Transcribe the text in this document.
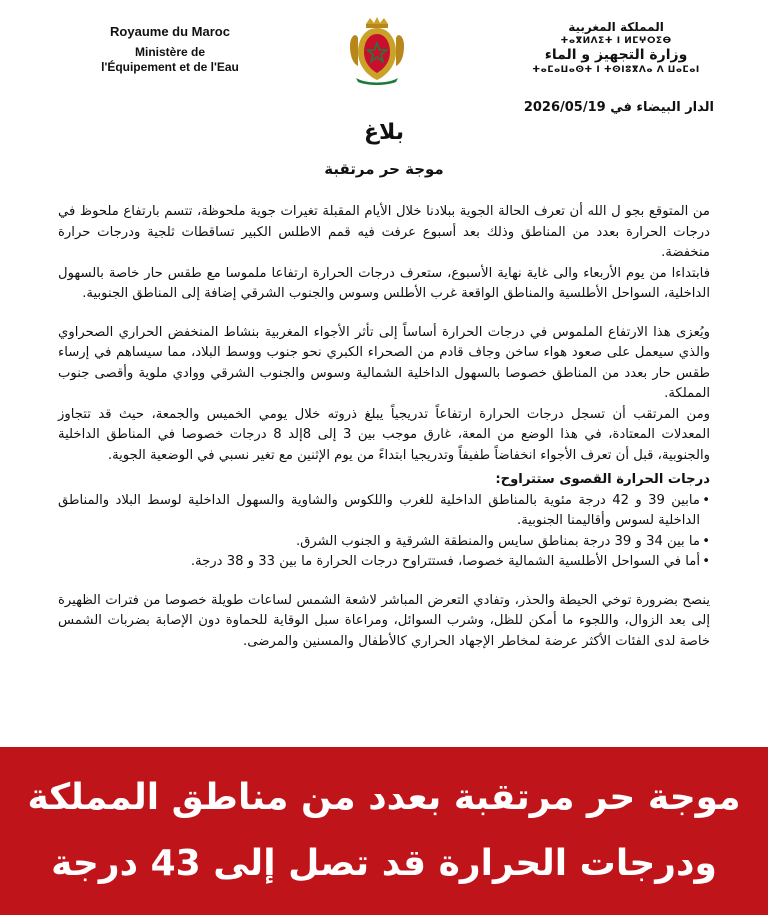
Royaume du Maroc
Ministère de
l'Équipement et de l'Eau
المملكة المغربية
ⵜⴰⴳⵍⴷⵉⵜ ⵏ ⵍⵎⵖⵔⵉⴱ
وزارة التجهيز و الماء
ⵜⴰⵎⴰⵡⴰⵙⵜ ⵏ ⵜⵙⵏⵓⴳⴷⴰ ⴷ ⵡⴰⵎⴰⵏ
الدار البيضاء في 2026/05/19
بلاغ
موجة حر مرتقبة

من المتوقع بجو ل الله أن تعرف الحالة الجوية ببلادنا خلال الأيام المقبلة تغيرات جوية ملحوظة، تتسم بارتفاع ملحوظ في درجات الحرارة بعدد من المناطق وذلك بعد أسبوع عرفت فيه قمم الاطلس الكبير تساقطات ثلجية ودرجات حرارة منخفضة.

فابتداءا من يوم الأربعاء والى غاية نهاية الأسبوع، ستعرف درجات الحرارة ارتفاعا ملموسا مع طقس حار خاصة بالسهول الداخلية، السواحل الأطلسية والمناطق الواقعة غرب الأطلس وسوس والجنوب الشرقي إضافة إلى المناطق الجنوبية.

ويُعزى هذا الارتفاع الملموس في درجات الحرارة أساساً إلى تأثر الأجواء المغربية بنشاط المنخفض الحراري الصحراوي والذي سيعمل على صعود هواء ساخن وجاف قادم من الصحراء الكبري نحو جنوب ووسط البلاد، مما سيساهم في إرساء طقس حار بعدد من المناطق خصوصا بالسهول الداخلية الشمالية وسوس والجنوب الشرقي ووادي ملوية وأقصى جنوب المملكة.

ومن المرتقب أن تسجل درجات الحرارة ارتفاعاً تدريجياً يبلغ ذروته خلال يومي الخميس والجمعة، حيث قد تتجاوز المعدلات المعتادة، في هذا الوضع من المعة، غارق موجب بين 3 إلى 8إلد 8 درجات خصوصا في المناطق الداخلية والجنوبية، قبل أن تعرف الأجواء انخفاضاً طفيفاً وتدريجيا ابتداءً من يوم الإثنين مع تغير نسبي في الوضعية الجوية.

درجات الحرارة القصوى ستتراوح:

• مابين 39 و 42 درجة مئوية بالمناطق الداخلية للغرب واللكوس والشاوية والسهول الداخلية لوسط البلاد والمناطق الداخلية لسوس وأقاليمنا الجنوبية.
• ما بين 34 و 39 درجة بمناطق سايس والمنطقة الشرقية و الجنوب الشرق.
• أما في السواحل الأطلسية الشمالية خصوصا، فستتراوح درجات الحرارة ما بين 33 و 38 درجة.

ينصح بضرورة توخي الحيطة والحذر، وتفادي التعرض المباشر لاشعة الشمس لساعات طويلة خصوصا من فترات الظهيرة إلى بعد الزوال، واللجوء ما أمكن للظل، وشرب السوائل، ومراعاة سبل الوقاية للحماوة دون الإصابة بضربات الشمس خاصة لدى الفئات الأكثر عرضة لمخاطر الإجهاد الحراري كالأطفال والمسنين والمرضى.

موجة حر مرتقبة بعدد من مناطق المملكة
ودرجات الحرارة قد تصل إلى 43 درجة
